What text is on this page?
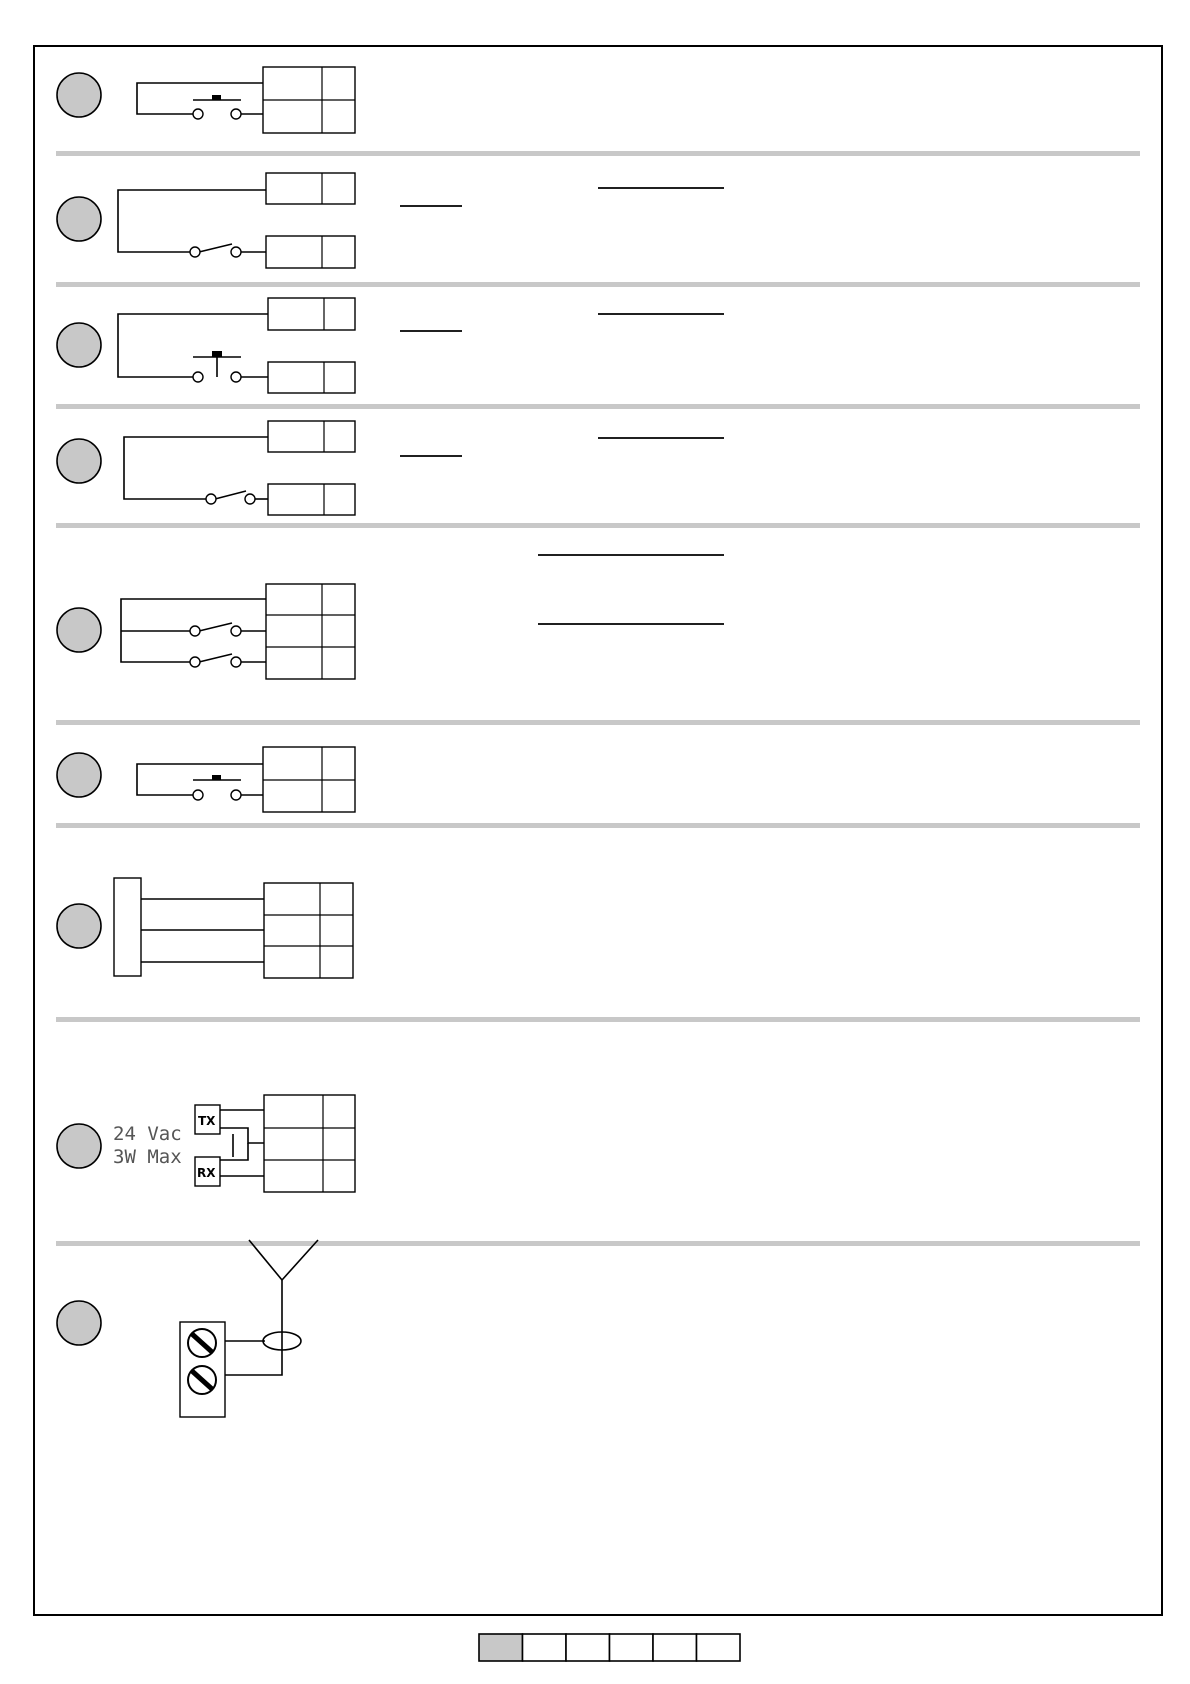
24 Vac
3W Max
TX
RX
